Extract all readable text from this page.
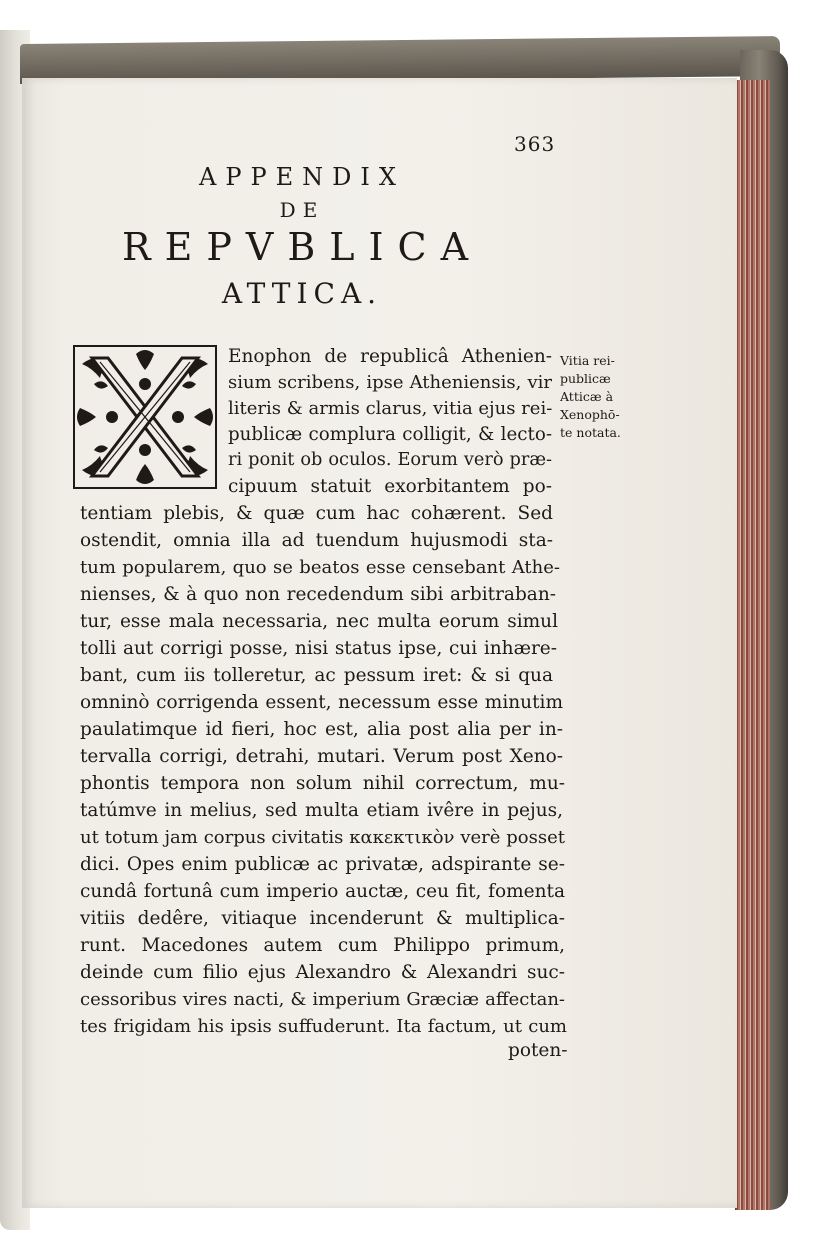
363
APPENDIX
DE
REPVBLICA
ATTICA.
Vitia rei-
publicæ
Atticæ à
Xenophō-
te notata.
Enophon de republicâ Athenien-
sium scribens, ipse Atheniensis, vir
literis & armis clarus, vitia ejus rei-
publicæ complura colligit, & lecto-
ri ponit ob oculos. Eorum verò præ-
cipuum statuit exorbitantem po-
tentiam plebis, & quæ cum hac cohærent. Sed
ostendit, omnia illa ad tuendum hujusmodi sta-
tum popularem, quo se beatos esse censebant Athe-
nienses, & à quo non recedendum sibi arbitraban-
tur, esse mala necessaria, nec multa eorum simul
tolli aut corrigi posse, nisi status ipse, cui inhære-
bant, cum iis tolleretur, ac pessum iret: & si qua
omninò corrigenda essent, necessum esse minutim
paulatimque id fieri, hoc est, alia post alia per in-
tervalla corrigi, detrahi, mutari. Verum post Xeno-
phontis tempora non solum nihil correctum, mu-
tatúmve in melius, sed multa etiam ivêre in pejus,
ut totum jam corpus civitatis κακεκτικὸν verè posset
dici. Opes enim publicæ ac privatæ, adspirante se-
cundâ fortunâ cum imperio auctæ, ceu fit, fomenta
vitiis dedêre, vitiaque incenderunt & multiplica-
runt. Macedones autem cum Philippo primum,
deinde cum filio ejus Alexandro & Alexandri suc-
cessoribus vires nacti, & imperium Græciæ affectan-
tes frigidam his ipsis suffuderunt. Ita factum, ut cum
poten-
